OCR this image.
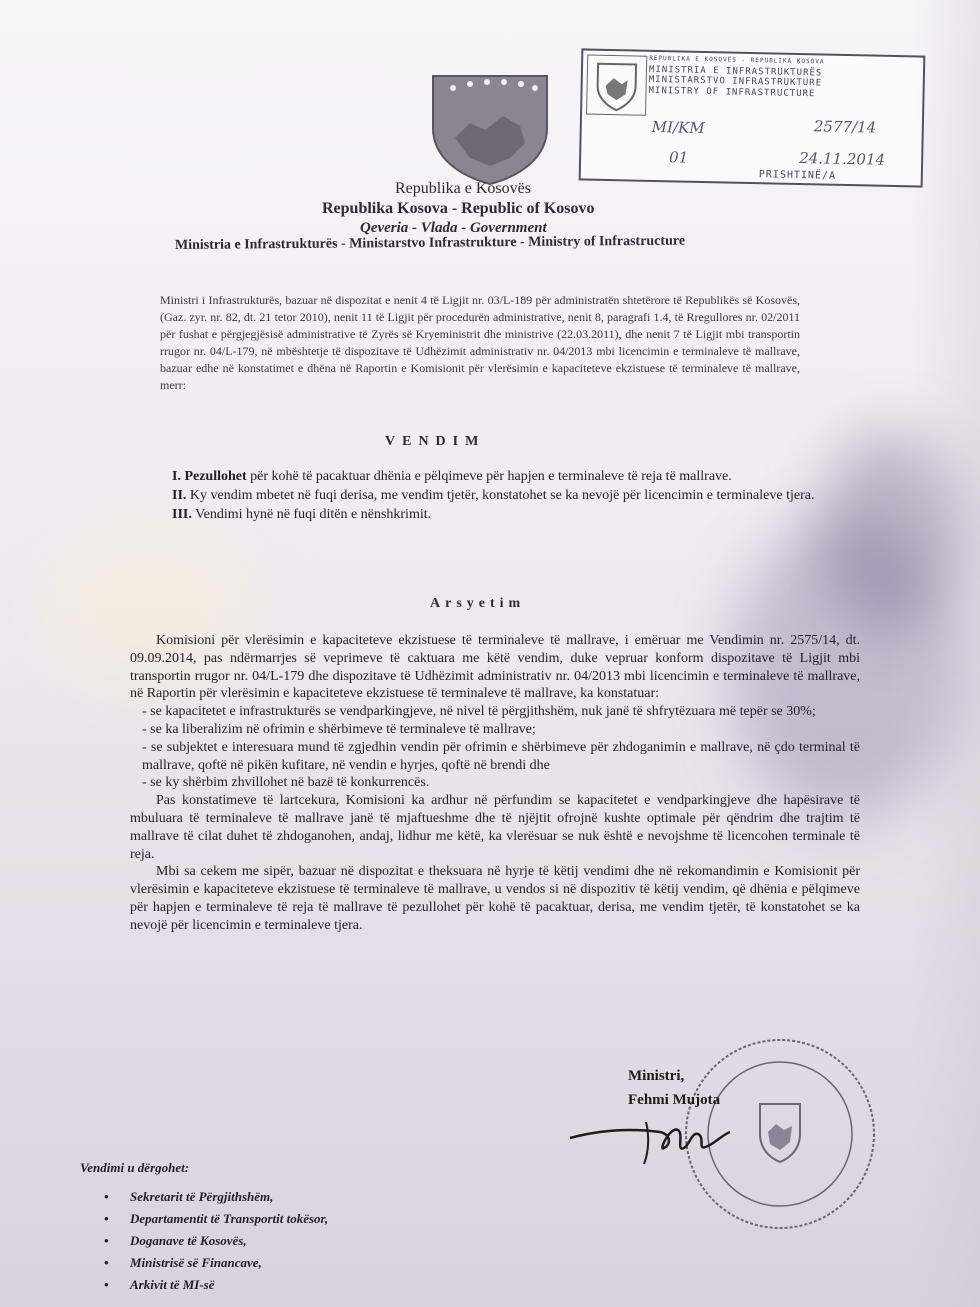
REPUBLIKA E KOSOVËS - REPUBLIKA KOSOVA
MINISTRIA E INFRASTRUKTURËS
MINISTARSTVO INFRASTRUKTURE
MINISTRY OF INFRASTRUCTURE
MI/KM	2577/14
01	24.11.2014
PRISHTINË/A
Republika e Kosovës
Republika Kosova - Republic of Kosovo
Qeveria - Vlada - Government
Ministria e Infrastrukturës - Ministarstvo Infrastrukture - Ministry of Infrastructure
Ministri i Infrastrukturës, bazuar në dispozitat e nenit 4 të Ligjit nr. 03/L-189 për administratën shtetërore të Republikës së Kosovës, (Gaz. zyr. nr. 82, dt. 21 tetor 2010), nenit 11 të Ligjit për procedurën administrative, nenit 8, paragrafi 1.4, të Rregullores nr. 02/2011 për fushat e përgjegjësisë administrative të Zyrës së Kryeministrit dhe ministrive (22.03.2011), dhe nenit 7 të Ligjit mbi transportin rrugor nr. 04/L-179, në mbështetje të dispozitave të Udhëzimit administrativ nr. 04/2013 mbi licencimin e terminaleve të mallrave, bazuar edhe në konstatimet e dhëna në Raportin e Komisionit për vlerësimin e kapaciteteve ekzistuese të terminaleve të mallrave, merr:
VENDIM

I. Pezullohet për kohë të pacaktuar dhënia e pëlqimeve për hapjen e terminaleve të reja të mallrave.

II. Ky vendim mbetet në fuqi derisa, me vendim tjetër, konstatohet se ka nevojë për licencimin e terminaleve tjera.

III. Vendimi hynë në fuqi ditën e nënshkrimit.

Arsyetim

Komisioni për vlerësimin e kapaciteteve ekzistuese të terminaleve të mallrave, i emëruar me Vendimin nr. 2575/14, dt. 09.09.2014, pas ndërmarrjes së veprimeve të caktuara me këtë vendim, duke vepruar konform dispozitave të Ligjit mbi transportin rrugor nr. 04/L-179 dhe dispozitave të Udhëzimit administrativ nr. 04/2013 mbi licencimin e terminaleve të mallrave, në Raportin për vlerësimin e kapaciteteve ekzistuese të terminaleve të mallrave, ka konstatuar:

- se kapacitetet e infrastrukturës se vendparkingjeve, në nivel të përgjithshëm, nuk janë të shfrytëzuara më tepër se 30%;

- se ka liberalizim në ofrimin e shërbimeve të terminaleve të mallrave;

- se subjektet e interesuara mund të zgjedhin vendin për ofrimin e shërbimeve për zhdoganimin e mallrave, në çdo terminal të mallrave, qoftë në pikën kufitare, në vendin e hyrjes, qoftë në brendi dhe

- se ky shërbim zhvillohet në bazë të konkurrencës.

Pas konstatimeve të lartcekura, Komisioni ka ardhur në përfundim se kapacitetet e vendparkingjeve dhe hapësirave të mbuluara të terminaleve të mallrave janë të mjaftueshme dhe të njëjtit ofrojnë kushte optimale për qëndrim dhe trajtim të mallrave të cilat duhet të zhdoganohen, andaj, lidhur me këtë, ka vlerësuar se nuk është e nevojshme të licencohen terminale të reja.

Mbi sa cekem me sipër, bazuar në dispozitat e theksuara në hyrje të këtij vendimi dhe në rekomandimin e Komisionit për vlerësimin e kapaciteteve ekzistuese të terminaleve të mallrave, u vendos si në dispozitiv të këtij vendim, që dhënia e pëlqimeve për hapjen e terminaleve të reja të mallrave të pezullohet për kohë të pacaktuar, derisa, me vendim tjetër, të konstatohet se ka nevojë për licencimin e terminaleve tjera.

Ministri,
Fehmi Mujota
Vendimi u dërgohet:
• Sekretarit të Përgjithshëm,
• Departamentit të Transportit tokësor,
• Doganave të Kosovës,
• Ministrisë së Financave,
• Arkivit të MI-së
